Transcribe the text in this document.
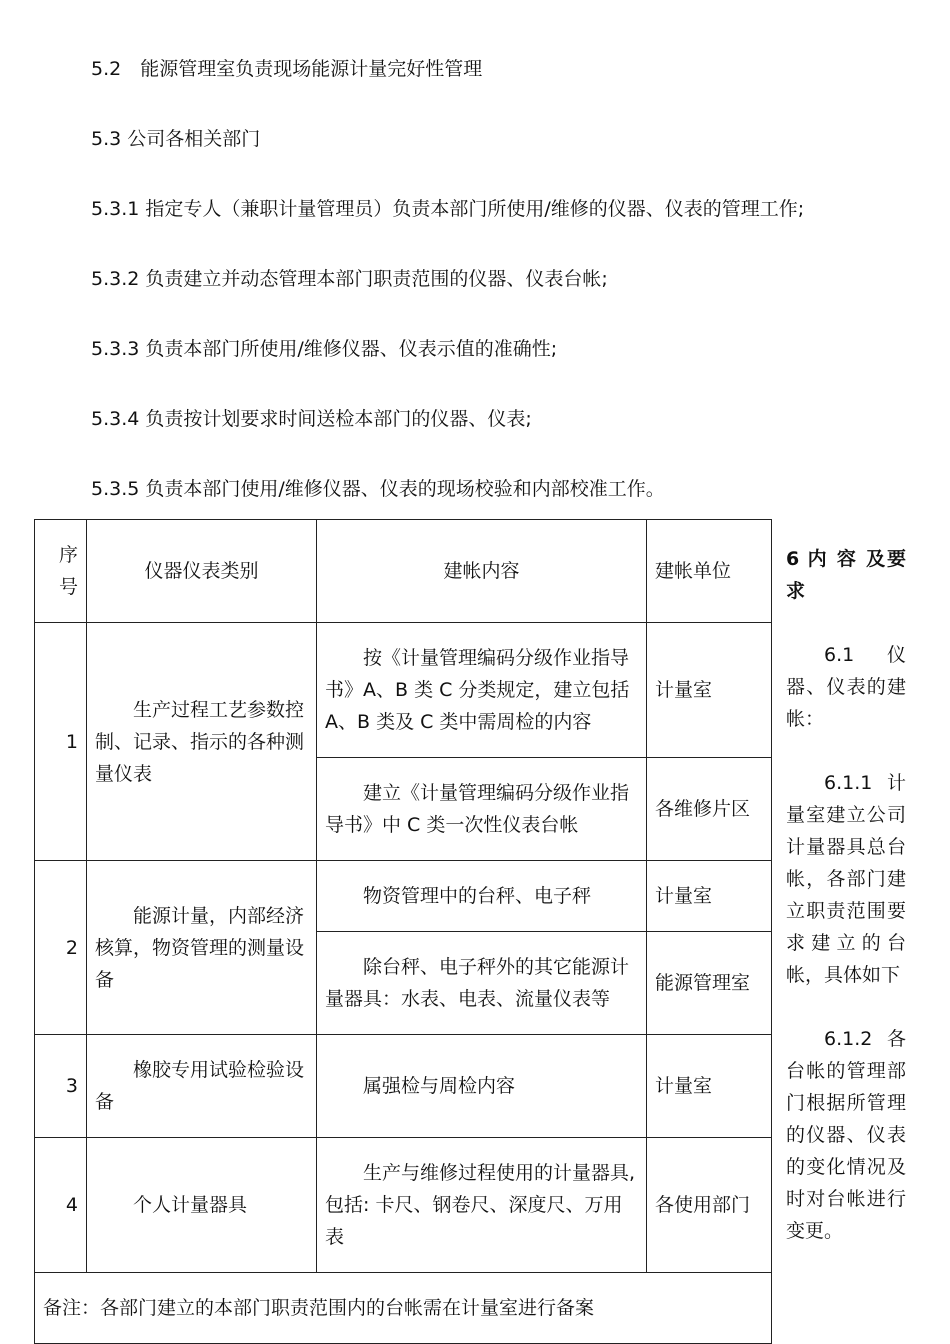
5.2　能源管理室负责现场能源计量完好性管理

5.3 公司各相关部门

5.3.1 指定专人（兼职计量管理员）负责本部门所使用/维修的仪器、仪表的管理工作;

5.3.2 负责建立并动态管理本部门职责范围的仪器、仪表台帐;

5.3.3 负责本部门所使用/维修仪器、仪表示值的准确性;

5.3.4 负责按计划要求时间送检本部门的仪器、仪表;

5.3.5 负责本部门使用/维修仪器、仪表的现场校验和内部校准工作。

序
号	仪器仪表类别	建帐内容	建帐单位
1	生产过程工艺参数控制、记录、指示的各种测量仪表	按《计量管理编码分级作业指导书》A、B 类 C 分类规定，建立包括 A、B 类及 C 类中需周检的内容	计量室
		建立《计量管理编码分级作业指导书》中 C 类一次性仪表台帐	各维修片区
2	能源计量，内部经济核算，物资管理的测量设备	物资管理中的台秤、电子秤	计量室
		除台秤、电子秤外的其它能源计量器具：水表、电表、流量仪表等	能源管理室
3	橡胶专用试验检验设备	属强检与周检内容	计量室
4	个人计量器具	生产与维修过程使用的计量器具, 包括: 卡尺、钢卷尺、深度尺、万用表	各使用部门
备注：各部门建立的本部门职责范围内的台帐需在计量室进行备案			

6 内 容 及要求

6.1 仪器、仪表的建帐：

6.1.1 计量室建立公司计量器具总台帐，各部门建立职责范围要求建立的台帐，具体如下

6.1.2 各台帐的管理部门根据所管理的仪器、仪表的变化情况及时对台帐进行变更。
